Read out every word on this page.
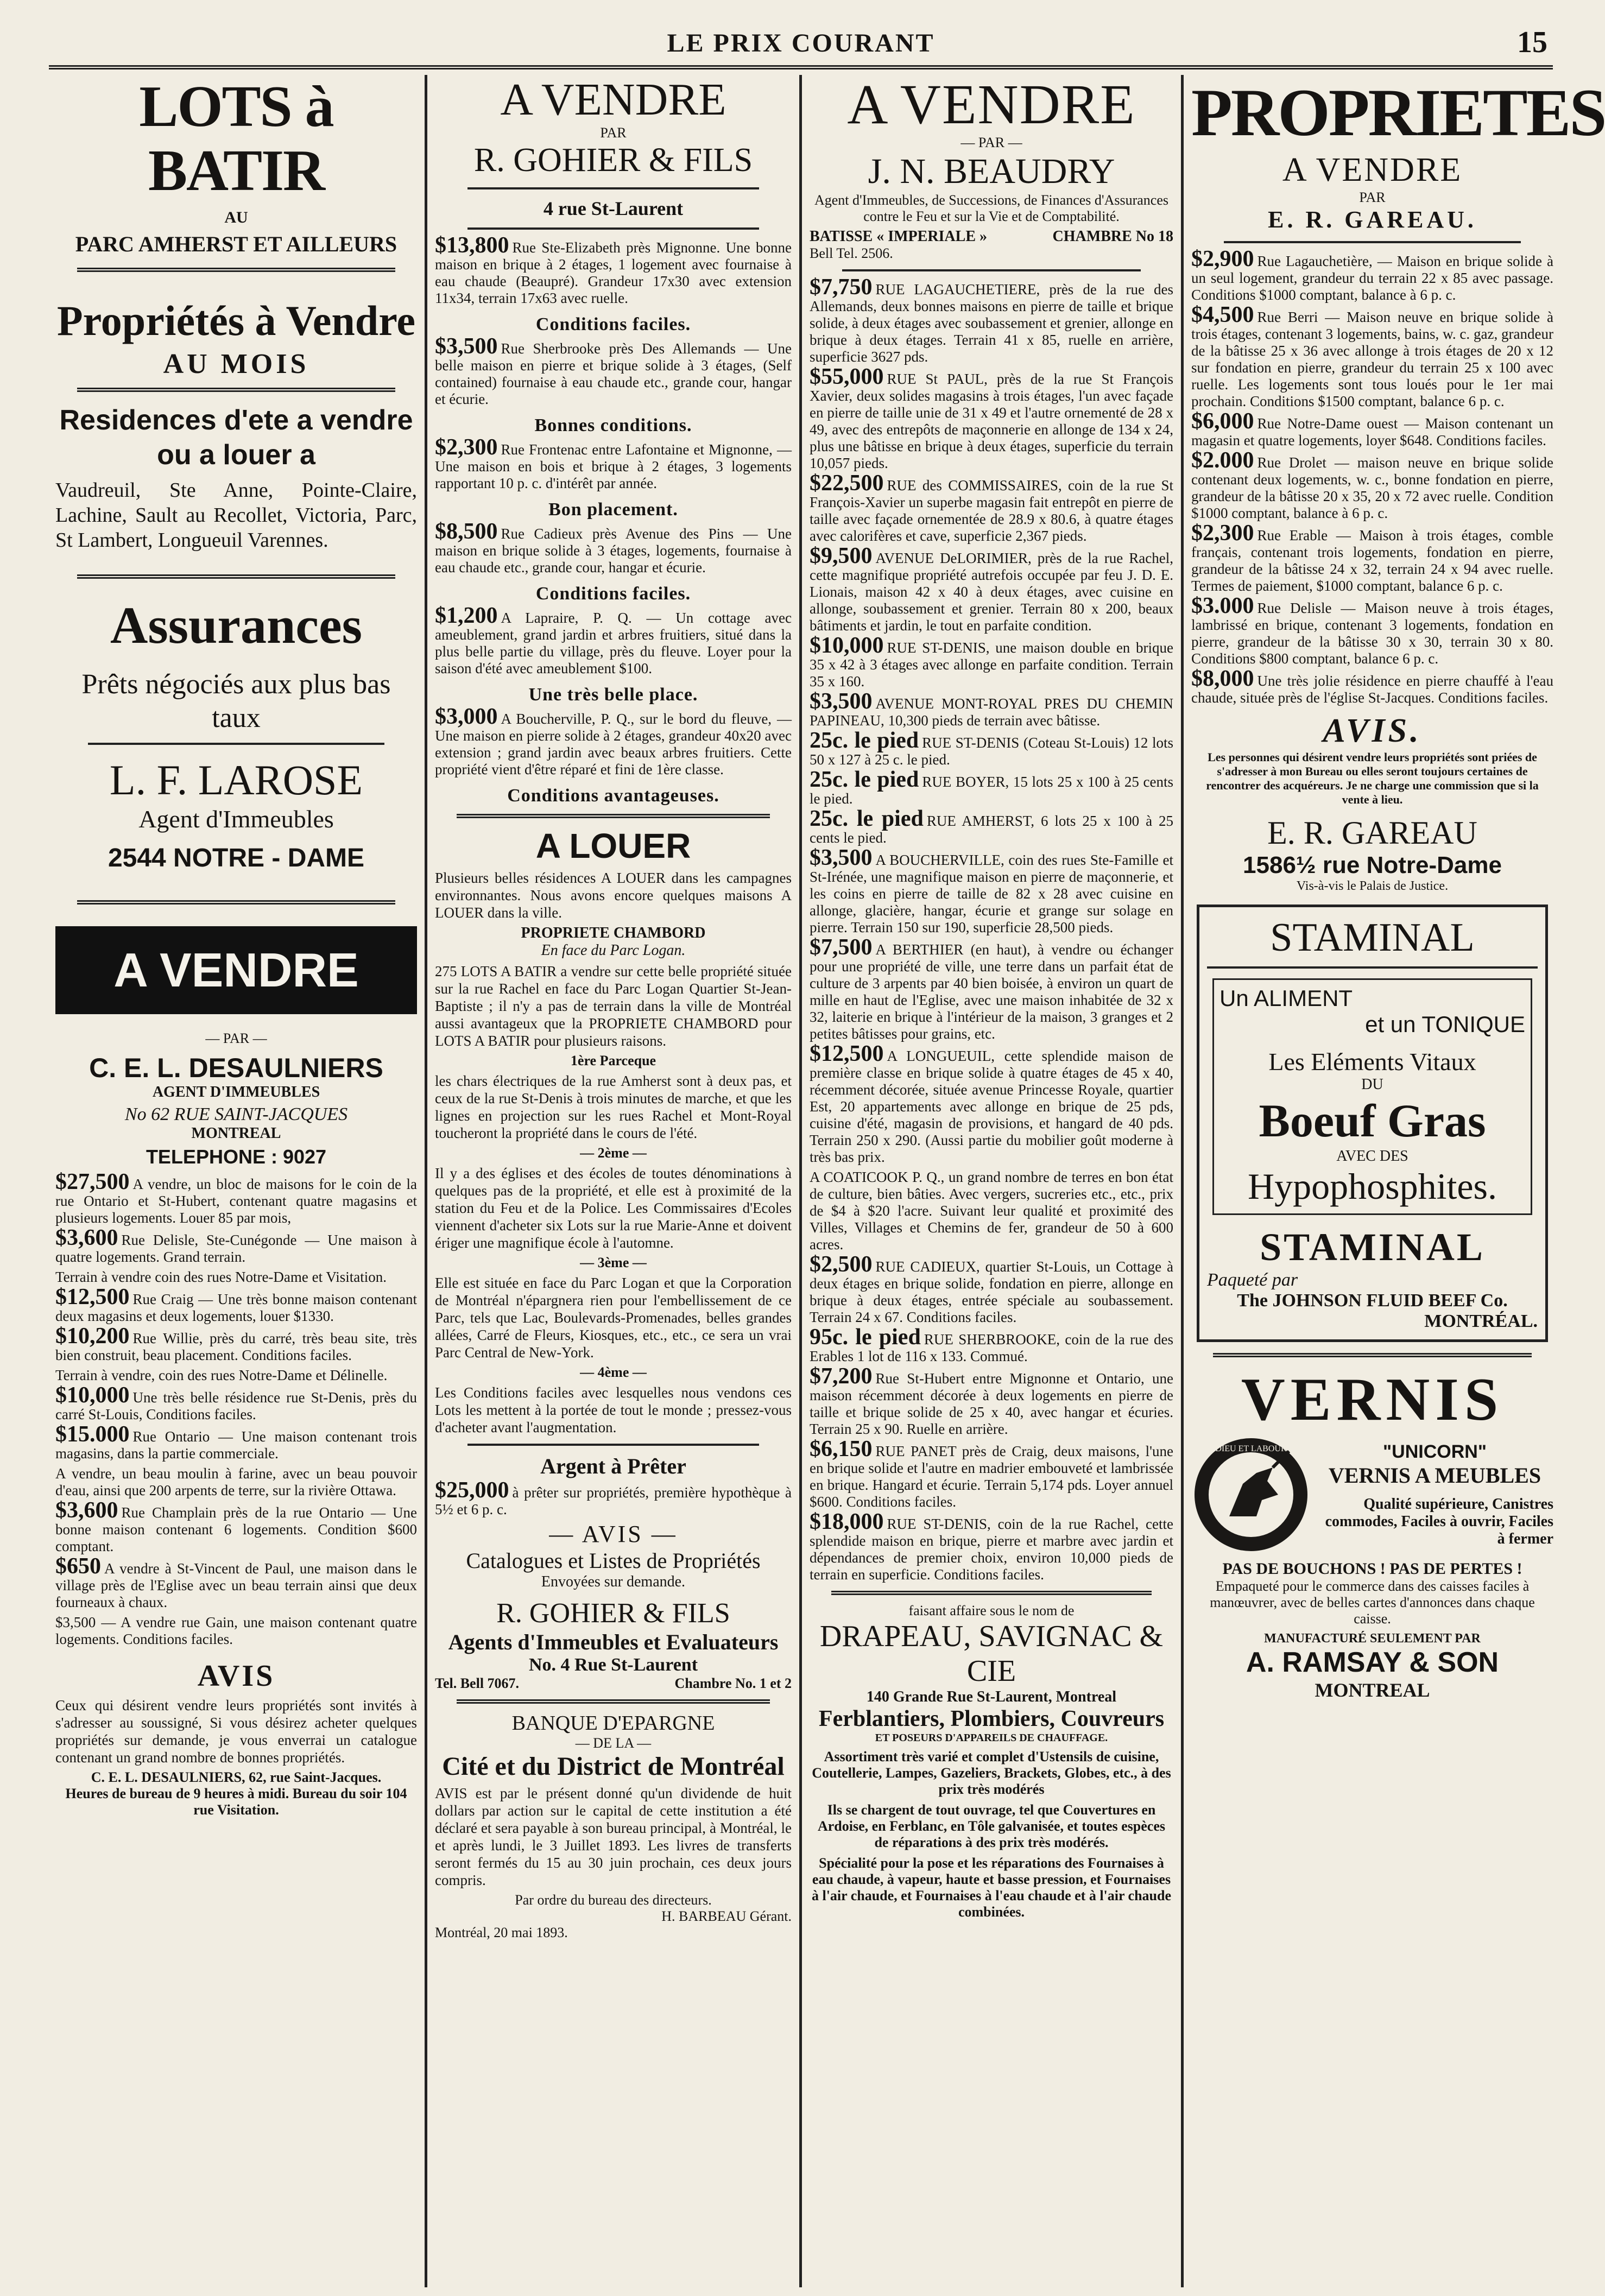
LE PRIX COURANT	15
LOTS à BATIR
AU
PARC AMHERST ET AILLEURS
Propriétés à Vendre
AU MOIS
Residences d'ete a vendre ou a louer a
Vaudreuil, Ste Anne, Pointe-Claire, Lachine, Sault au Recollet, Victoria, Parc, St Lambert, Longueuil Varennes.
Assurances
Prêts négociés aux plus bas taux
L. F. LAROSE
Agent d'Immeubles
2544 NOTRE - DAME
A VENDRE
— PAR —
C. E. L. DESAULNIERS
AGENT D'IMMEUBLES
No 62 RUE SAINT-JACQUES
MONTREAL
TELEPHONE : 9027
$27,500 A vendre, un bloc de maisons for le coin de la rue Ontario et St-Hubert, contenant quatre magasins et plusieurs logements. Louer 85 par mois,
$3,600 Rue Delisle, Ste-Cunégonde — Une maison à quatre logements. Grand terrain.
Terrain à vendre coin des rues Notre-Dame et Visitation.
$12,500 Rue Craig — Une très bonne maison contenant deux magasins et deux logements, louer $1330.
$10,200 Rue Willie, près du carré, très beau site, très bien construit, beau placement. Conditions faciles.
Terrain à vendre, coin des rues Notre-Dame et Délinelle.
$10,000 Une très belle résidence rue St-Denis, près du carré St-Louis, Conditions faciles.
$15.000 Rue Ontario — Une maison contenant trois magasins, dans la partie commerciale.
A vendre, un beau moulin à farine, avec un beau pouvoir d'eau, ainsi que 200 arpents de terre, sur la rivière Ottawa.
$3,600 Rue Champlain près de la rue Ontario — Une bonne maison contenant 6 logements. Condition $600 comptant.
$650 A vendre à St-Vincent de Paul, une maison dans le village près de l'Eglise avec un beau terrain ainsi que deux fourneaux à chaux.
$3,500 — A vendre rue Gain, une maison contenant quatre logements. Conditions faciles.
AVIS
Ceux qui désirent vendre leurs propriétés sont invités à s'adresser au soussigné, Si vous désirez acheter quelques propriétés sur demande, je vous enverrai un catalogue contenant un grand nombre de bonnes propriétés.
C. E. L. DESAULNIERS, 62, rue Saint-Jacques.
Heures de bureau de 9 heures à midi. Bureau du soir 104 rue Visitation.
A VENDRE
PAR
R. GOHIER & FILS
4 rue St-Laurent
$13,800 Rue Ste-Elizabeth près Mignonne. Une bonne maison en brique à 2 étages, 1 logement avec fournaise à eau chaude (Beaupré). Grandeur 17x30 avec extension 11x34, terrain 17x63 avec ruelle.
Conditions faciles.
$3,500 Rue Sherbrooke près Des Allemands — Une belle maison en pierre et brique solide à 3 étages, (Self contained) fournaise à eau chaude etc., grande cour, hangar et écurie.
Bonnes conditions.
$2,300 Rue Frontenac entre Lafontaine et Mignonne, — Une maison en bois et brique à 2 étages, 3 logements rapportant 10 p. c. d'intérêt par année.
Bon placement.
$8,500 Rue Cadieux près Avenue des Pins — Une maison en brique solide à 3 étages, logements, fournaise à eau chaude etc., grande cour, hangar et écurie.
Conditions faciles.
$1,200 A Lapraire, P. Q. — Un cottage avec ameublement, grand jardin et arbres fruitiers, situé dans la plus belle partie du village, près du fleuve. Loyer pour la saison d'été avec ameublement $100.
Une très belle place.
$3,000 A Boucherville, P. Q., sur le bord du fleuve, — Une maison en pierre solide à 2 étages, grandeur 40x20 avec extension ; grand jardin avec beaux arbres fruitiers. Cette propriété vient d'être réparé et fini de 1ère classe.
Conditions avantageuses.
A LOUER
Plusieurs belles résidences A LOUER dans les campagnes environnantes. Nous avons encore quelques maisons A LOUER dans la ville.
PROPRIETE CHAMBORD
En face du Parc Logan.
275 LOTS A BATIR a vendre sur cette belle propriété située sur la rue Rachel en face du Parc Logan Quartier St-Jean-Baptiste ; il n'y a pas de terrain dans la ville de Montréal aussi avantageux que la PROPRIETE CHAMBORD pour LOTS A BATIR pour plusieurs raisons.
1ère Parceque
les chars électriques de la rue Amherst sont à deux pas, et ceux de la rue St-Denis à trois minutes de marche, et que les lignes en projection sur les rues Rachel et Mont-Royal toucheront la propriété dans le cours de l'été.
— 2ème —
Il y a des églises et des écoles de toutes dénominations à quelques pas de la propriété, et elle est à proximité de la station du Feu et de la Police. Les Commissaires d'Ecoles viennent d'acheter six Lots sur la rue Marie-Anne et doivent ériger une magnifique école à l'automne.
— 3ème —
Elle est située en face du Parc Logan et que la Corporation de Montréal n'épargnera rien pour l'embellissement de ce Parc, tels que Lac, Boulevards-Promenades, belles grandes allées, Carré de Fleurs, Kiosques, etc., etc., ce sera un vrai Parc Central de New-York.
— 4ème —
Les Conditions faciles avec lesquelles nous vendons ces Lots les mettent à la portée de tout le monde ; pressez-vous d'acheter avant l'augmentation.
Argent à Prêter
$25,000 à prêter sur propriétés, première hypothèque à 5½ et 6 p. c.
— AVIS —
Catalogues et Listes de Propriétés
Envoyées sur demande.
R. GOHIER & FILS
Agents d'Immeubles et Evaluateurs
No. 4 Rue St-Laurent
Tel. Bell 7067.	Chambre No. 1 et 2
BANQUE D'EPARGNE
— DE LA —
Cité et du District de Montréal
AVIS est par le présent donné qu'un dividende de huit dollars par action sur le capital de cette institution a été déclaré et sera payable à son bureau principal, à Montréal, le et après lundi, le 3 Juillet 1893. Les livres de transferts seront fermés du 15 au 30 juin prochain, ces deux jours compris.
Par ordre du bureau des directeurs.
H. BARBEAU Gérant.
Montréal, 20 mai 1893.
A VENDRE
— PAR —
J. N. BEAUDRY
Agent d'Immeubles, de Successions, de Finances d'Assurances contre le Feu et sur la Vie et de Comptabilité.
BATISSE « IMPERIALE »	CHAMBRE No 18
Bell Tel. 2506.
$7,750 RUE LAGAUCHETIERE, près de la rue des Allemands, deux bonnes maisons en pierre de taille et brique solide, à deux étages avec soubassement et grenier, allonge en brique à deux étages. Terrain 41 x 85, ruelle en arrière, superficie 3627 pds.
$55,000 RUE St PAUL, près de la rue St François Xavier, deux solides magasins à trois étages, l'un avec façade en pierre de taille unie de 31 x 49 et l'autre ornementé de 28 x 49, avec des entrepôts de maçonnerie en allonge de 134 x 24, plus une bâtisse en brique à deux étages, superficie du terrain 10,057 pieds.
$22,500 RUE des COMMISSAIRES, coin de la rue St François-Xavier un superbe magasin fait entrepôt en pierre de taille avec façade ornementée de 28.9 x 80.6, à quatre étages avec calorifères et cave, superficie 2,367 pieds.
$9,500 AVENUE DeLORIMIER, près de la rue Rachel, cette magnifique propriété autrefois occupée par feu J. D. E. Lionais, maison 42 x 40 à deux étages, avec cuisine en allonge, soubassement et grenier. Terrain 80 x 200, beaux bâtiments et jardin, le tout en parfaite condition.
$10,000 RUE ST-DENIS, une maison double en brique 35 x 42 à 3 étages avec allonge en parfaite condition. Terrain 35 x 160.
$3,500 AVENUE MONT-ROYAL PRES DU CHEMIN PAPINEAU, 10,300 pieds de terrain avec bâtisse.
25c. le pied RUE ST-DENIS (Coteau St-Louis) 12 lots 50 x 127 à 25 c. le pied.
25c. le pied RUE BOYER, 15 lots 25 x 100 à 25 cents le pied.
25c. le pied RUE AMHERST, 6 lots 25 x 100 à 25 cents le pied.
$3,500 A BOUCHERVILLE, coin des rues Ste-Famille et St-Irénée, une magnifique maison en pierre de maçonnerie, et les coins en pierre de taille de 82 x 28 avec cuisine en allonge, glacière, hangar, écurie et grange sur solage en pierre. Terrain 150 sur 190, superficie 28,500 pieds.
$7,500 A BERTHIER (en haut), à vendre ou échanger pour une propriété de ville, une terre dans un parfait état de culture de 3 arpents par 40 bien boisée, à environ un quart de mille en haut de l'Eglise, avec une maison inhabitée de 32 x 32, laiterie en brique à l'intérieur de la maison, 3 granges et 2 petites bâtisses pour grains, etc.
$12,500 A LONGUEUIL, cette splendide maison de première classe en brique solide à quatre étages de 45 x 40, récemment décorée, située avenue Princesse Royale, quartier Est, 20 appartements avec allonge en brique de 25 pds, cuisine d'été, magasin de provisions, et hangard de 40 pds. Terrain 250 x 290. (Aussi partie du mobilier goût moderne à très bas prix.
A COATICOOK P. Q., un grand nombre de terres en bon état de culture, bien bâties. Avec vergers, sucreries etc., etc., prix de $4 à $20 l'acre. Suivant leur qualité et proximité des Villes, Villages et Chemins de fer, grandeur de 50 à 600 acres.
$2,500 RUE CADIEUX, quartier St-Louis, un Cottage à deux étages en brique solide, fondation en pierre, allonge en brique à deux étages, entrée spéciale au soubassement. Terrain 24 x 67. Conditions faciles.
95c. le pied RUE SHERBROOKE, coin de la rue des Erables 1 lot de 116 x 133. Commué.
$7,200 Rue St-Hubert entre Mignonne et Ontario, une maison récemment décorée à deux logements en pierre de taille et brique solide de 25 x 40, avec hangar et écuries. Terrain 25 x 90. Ruelle en arrière.
$6,150 RUE PANET près de Craig, deux maisons, l'une en brique solide et l'autre en madrier embouveté et lambrissée en brique. Hangard et écurie. Terrain 5,174 pds. Loyer annuel $600. Conditions faciles.
$18,000 RUE ST-DENIS, coin de la rue Rachel, cette splendide maison en brique, pierre et marbre avec jardin et dépendances de premier choix, environ 10,000 pieds de terrain en superficie. Conditions faciles.
faisant affaire sous le nom de
DRAPEAU, SAVIGNAC & CIE
140 Grande Rue St-Laurent, Montreal
Ferblantiers, Plombiers, Couvreurs
ET POSEURS D'APPAREILS DE CHAUFFAGE.
Assortiment très varié et complet d'Ustensils de cuisine, Coutellerie, Lampes, Gazeliers, Brackets, Globes, etc., à des prix très modérés
Ils se chargent de tout ouvrage, tel que Couvertures en Ardoise, en Ferblanc, en Tôle galvanisée, et toutes espèces de réparations à des prix très modérés.
Spécialité pour la pose et les réparations des Fournaises à eau chaude, à vapeur, haute et basse pression, et Fournaises à l'air chaude, et Fournaises à l'eau chaude et à l'air chaude combinées.
PROPRIETES
A VENDRE
PAR
E. R. GAREAU.
$2,900 Rue Lagauchetière, — Maison en brique solide à un seul logement, grandeur du terrain 22 x 85 avec passage. Conditions $1000 comptant, balance à 6 p. c.
$4,500 Rue Berri — Maison neuve en brique solide à trois étages, contenant 3 logements, bains, w. c. gaz, grandeur de la bâtisse 25 x 36 avec allonge à trois étages de 20 x 12 sur fondation en pierre, grandeur du terrain 25 x 100 avec ruelle. Les logements sont tous loués pour le 1er mai prochain. Conditions $1500 comptant, balance 6 p. c.
$6,000 Rue Notre-Dame ouest — Maison contenant un magasin et quatre logements, loyer $648. Conditions faciles.
$2.000 Rue Drolet — maison neuve en brique solide contenant deux logements, w. c., bonne fondation en pierre, grandeur de la bâtisse 20 x 35, 20 x 72 avec ruelle. Condition $1000 comptant, balance à 6 p. c.
$2,300 Rue Erable — Maison à trois étages, comble français, contenant trois logements, fondation en pierre, grandeur de la bâtisse 24 x 32, terrain 24 x 94 avec ruelle. Termes de paiement, $1000 comptant, balance 6 p. c.
$3.000 Rue Delisle — Maison neuve à trois étages, lambrissé en brique, contenant 3 logements, fondation en pierre, grandeur de la bâtisse 30 x 30, terrain 30 x 80. Conditions $800 comptant, balance 6 p. c.
$8,000 Une très jolie résidence en pierre chauffé à l'eau chaude, située près de l'église St-Jacques. Conditions faciles.
AVIS.
Les personnes qui désirent vendre leurs propriétés sont priées de s'adresser à mon Bureau ou elles seront toujours certaines de rencontrer des acquéreurs. Je ne charge une commission que si la vente à lieu.
E. R. GAREAU
1586½ rue Notre-Dame
Vis-à-vis le Palais de Justice.
STAMINAL
Un ALIMENT
et un TONIQUE
Les Eléments Vitaux
DU
Boeuf Gras
AVEC DES
Hypophosphites.
STAMINAL
Paqueté par
The JOHNSON FLUID BEEF Co.
MONTRÉAL.
VERNIS
DIEU ET LABOUR	"UNICORN"
VERNIS A MEUBLES
Qualité supérieure, Canistres commodes, Faciles à ouvrir, Faciles à fermer
PAS DE BOUCHONS ! PAS DE PERTES !
Empaqueté pour le commerce dans des caisses faciles à manœuvrer, avec de belles cartes d'annonces dans chaque caisse.
MANUFACTURÉ SEULEMENT PAR
A. RAMSAY & SON
MONTREAL
